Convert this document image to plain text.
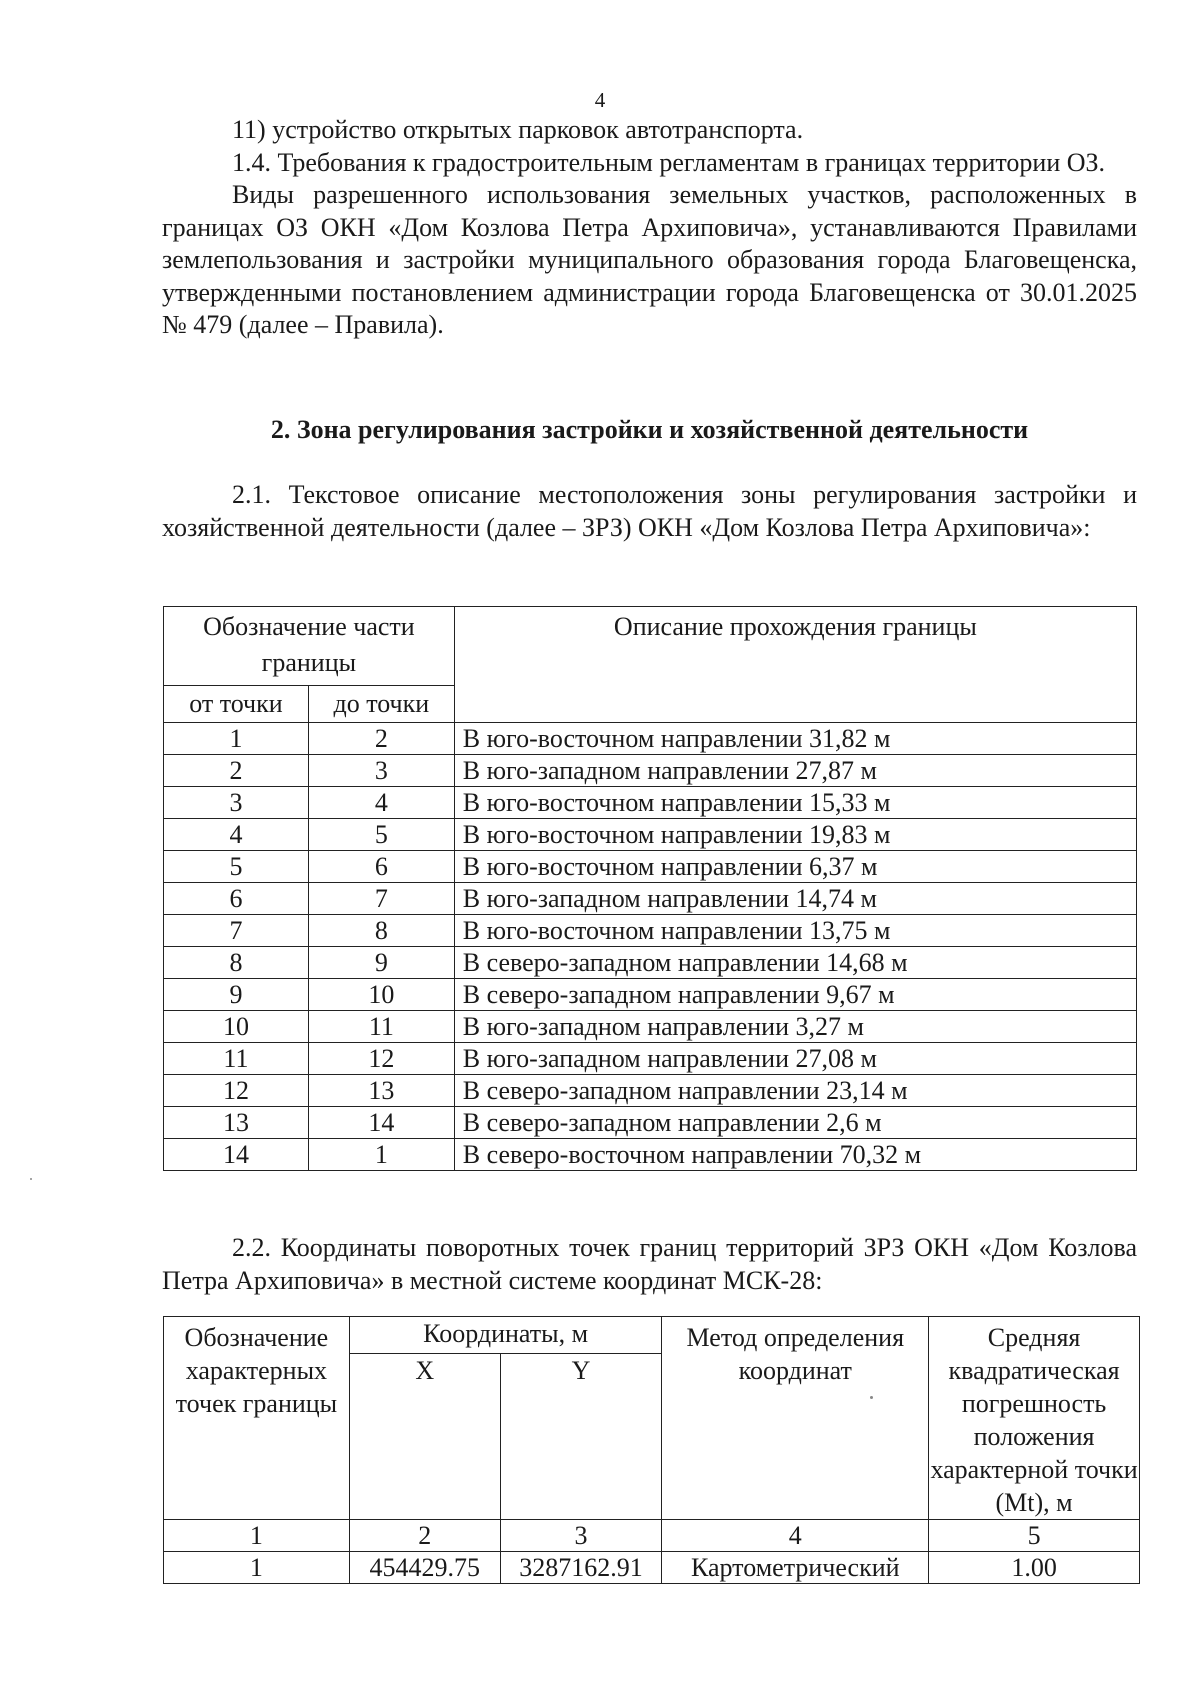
4

11) устройство открытых парковок автотранспорта.

1.4. Требования к градостроительным регламентам в границах территории ОЗ.

Виды разрешенного использования земельных участков, расположенных в границах ОЗ ОКН «Дом Козлова Петра Архиповича», устанавливаются Правилами землепользования и застройки муниципального образования города Благовещенска, утвержденными постановлением администрации города Благовещенска от 30.01.2025 № 479 (далее – Правила).

2. Зона регулирования застройки и хозяйственной деятельности

2.1. Текстовое описание местоположения зоны регулирования застройки и хозяйственной деятельности (далее – ЗРЗ) ОКН «Дом Козлова Петра Архиповича»:

Обозначение части границы		Описание прохождения границы
от точки	до точки	
1	2	В юго-восточном направлении 31,82 м
2	3	В юго-западном направлении 27,87 м
3	4	В юго-восточном направлении 15,33 м
4	5	В юго-восточном направлении 19,83 м
5	6	В юго-восточном направлении 6,37 м
6	7	В юго-западном направлении 14,74 м
7	8	В юго-восточном направлении 13,75 м
8	9	В северо-западном направлении 14,68 м
9	10	В северо-западном направлении 9,67 м
10	11	В юго-западном направлении 3,27 м
11	12	В юго-западном направлении 27,08 м
12	13	В северо-западном направлении 23,14 м
13	14	В северо-западном направлении 2,6 м
14	1	В северо-восточном направлении 70,32 м

2.2. Координаты поворотных точек границ территорий ЗРЗ ОКН «Дом Козлова Петра Архиповича» в местной системе координат МСК-28:

Обозначение характерных точек границы	Координаты, м		Метод определения координат	Средняя квадратическая погрешность положения характерной точки (Mt), м
	X	Y		
1	2	3	4	5
1	454429.75	3287162.91	Картометрический	1.00
